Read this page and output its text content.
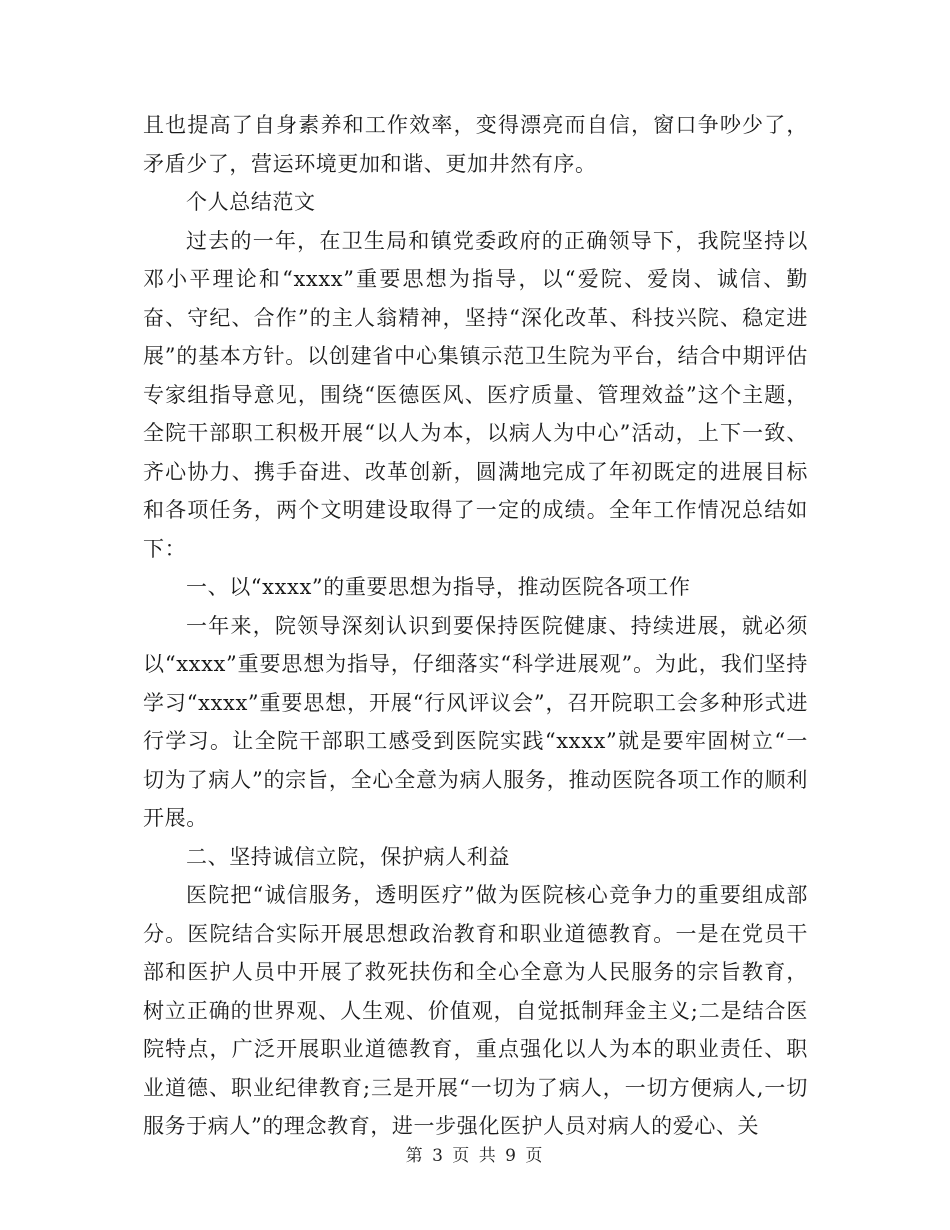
且也提高了自身素养和工作效率，变得漂亮而自信，窗口争吵少了，矛盾少了，营运环境更加和谐、更加井然有序。

个人总结范文

过去的一年，在卫生局和镇党委政府的正确领导下，我院坚持以邓小平理论和“xxxx”重要思想为指导，以“爱院、爱岗、诚信、勤奋、守纪、合作”的主人翁精神，坚持“深化改革、科技兴院、稳定进展”的基本方针。以创建省中心集镇示范卫生院为平台，结合中期评估专家组指导意见，围绕“医德医风、医疗质量、管理效益”这个主题，全院干部职工积极开展“以人为本，以病人为中心”活动，上下一致、齐心协力、携手奋进、改革创新，圆满地完成了年初既定的进展目标和各项任务，两个文明建设取得了一定的成绩。全年工作情况总结如下：

一、以“xxxx”的重要思想为指导，推动医院各项工作

一年来，院领导深刻认识到要保持医院健康、持续进展，就必须以“xxxx”重要思想为指导，仔细落实“科学进展观”。为此，我们坚持学习“xxxx”重要思想，开展“行风评议会”，召开院职工会多种形式进行学习。让全院干部职工感受到医院实践“xxxx”就是要牢固树立“一切为了病人”的宗旨，全心全意为病人服务，推动医院各项工作的顺利开展。

二、坚持诚信立院，保护病人利益

医院把“诚信服务，透明医疗”做为医院核心竞争力的重要组成部分。医院结合实际开展思想政治教育和职业道德教育。一是在党员干部和医护人员中开展了救死扶伤和全心全意为人民服务的宗旨教育，树立正确的世界观、人生观、价值观，自觉抵制拜金主义;二是结合医院特点，广泛开展职业道德教育，重点强化以人为本的职业责任、职业道德、职业纪律教育;三是开展“一切为了病人，一切方便病人,一切服务于病人”的理念教育，进一步强化医护人员对病人的爱心、关

第 3 页 共 9 页
